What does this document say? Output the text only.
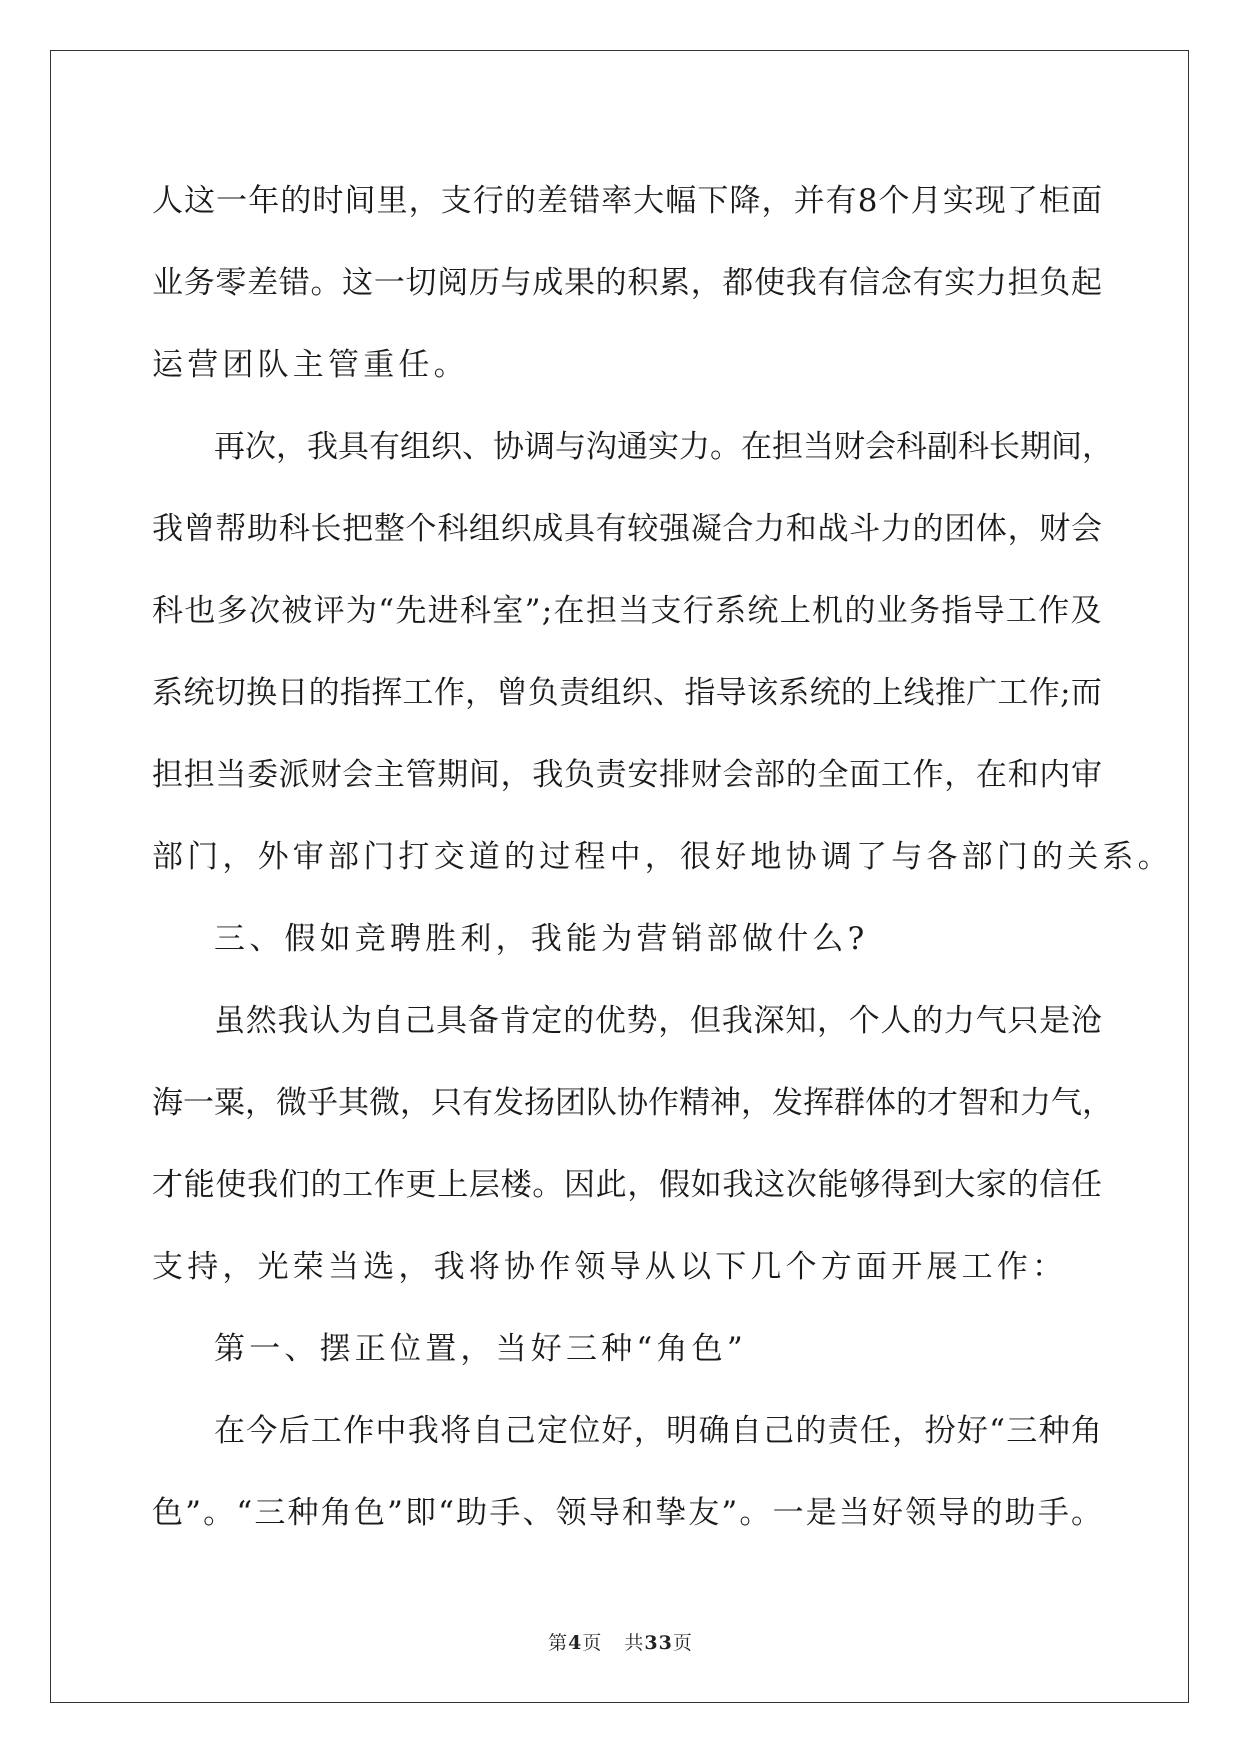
人 这 一 年 的 时 间 里 ， 支 行 的 差 错 率 大 幅 下 降 ， 并 有 8 个 月 实 现 了 柜 面
业 务 零 差 错 。 这 一 切 阅 历 与 成 果 的 积 累 ， 都 使 我 有 信 念 有 实 力 担 负 起
运营团队主管重任。
再 次 ， 我 具 有 组 织 、 协 调 与 沟 通 实 力 。 在 担 当 财 会 科 副 科 长 期 间 ，
我 曾 帮 助 科 长 把 整 个 科 组 织 成 具 有 较 强 凝 合 力 和 战 斗 力 的 团 体 ， 财 会
科 也 多 次 被 评 为 “ 先 进 科 室 ” ; 在 担 当 支 行 系 统 上 机 的 业 务 指 导 工 作 及
系 统 切 换 日 的 指 挥 工 作 ， 曾 负 责 组 织 、 指 导 该 系 统 的 上 线 推 广 工 作 ; 而
担 担 当 委 派 财 会 主 管 期 间 ， 我 负 责 安 排 财 会 部 的 全 面 工 作 ， 在 和 内 审
部门，外审部门打交道的过程中，很好地协调了与各部门的关系。
三、假如竞聘胜利，我能为营销部做什么?
虽 然 我 认 为 自 己 具 备 肯 定 的 优 势 ， 但 我 深 知 ， 个 人 的 力 气 只 是 沧
海 一 粟 ， 微 乎 其 微 ， 只 有 发 扬 团 队 协 作 精 神 ， 发 挥 群 体 的 才 智 和 力 气 ，
才 能 使 我 们 的 工 作 更 上 层 楼 。 因 此 ， 假 如 我 这 次 能 够 得 到 大 家 的 信 任
支持，光荣当选，我将协作领导从以下几个方面开展工作：
第一、摆正位置，当好三种“角色”
在 今 后 工 作 中 我 将 自 己 定 位 好 ， 明 确 自 己 的 责 任 ， 扮 好 “ 三 种 角
色 ” 。 “ 三 种 角 色 ” 即 “ 助 手 、 领 导 和 挚 友 ” 。 一 是 当 好 领 导 的 助 手 。
第4页 共33页
